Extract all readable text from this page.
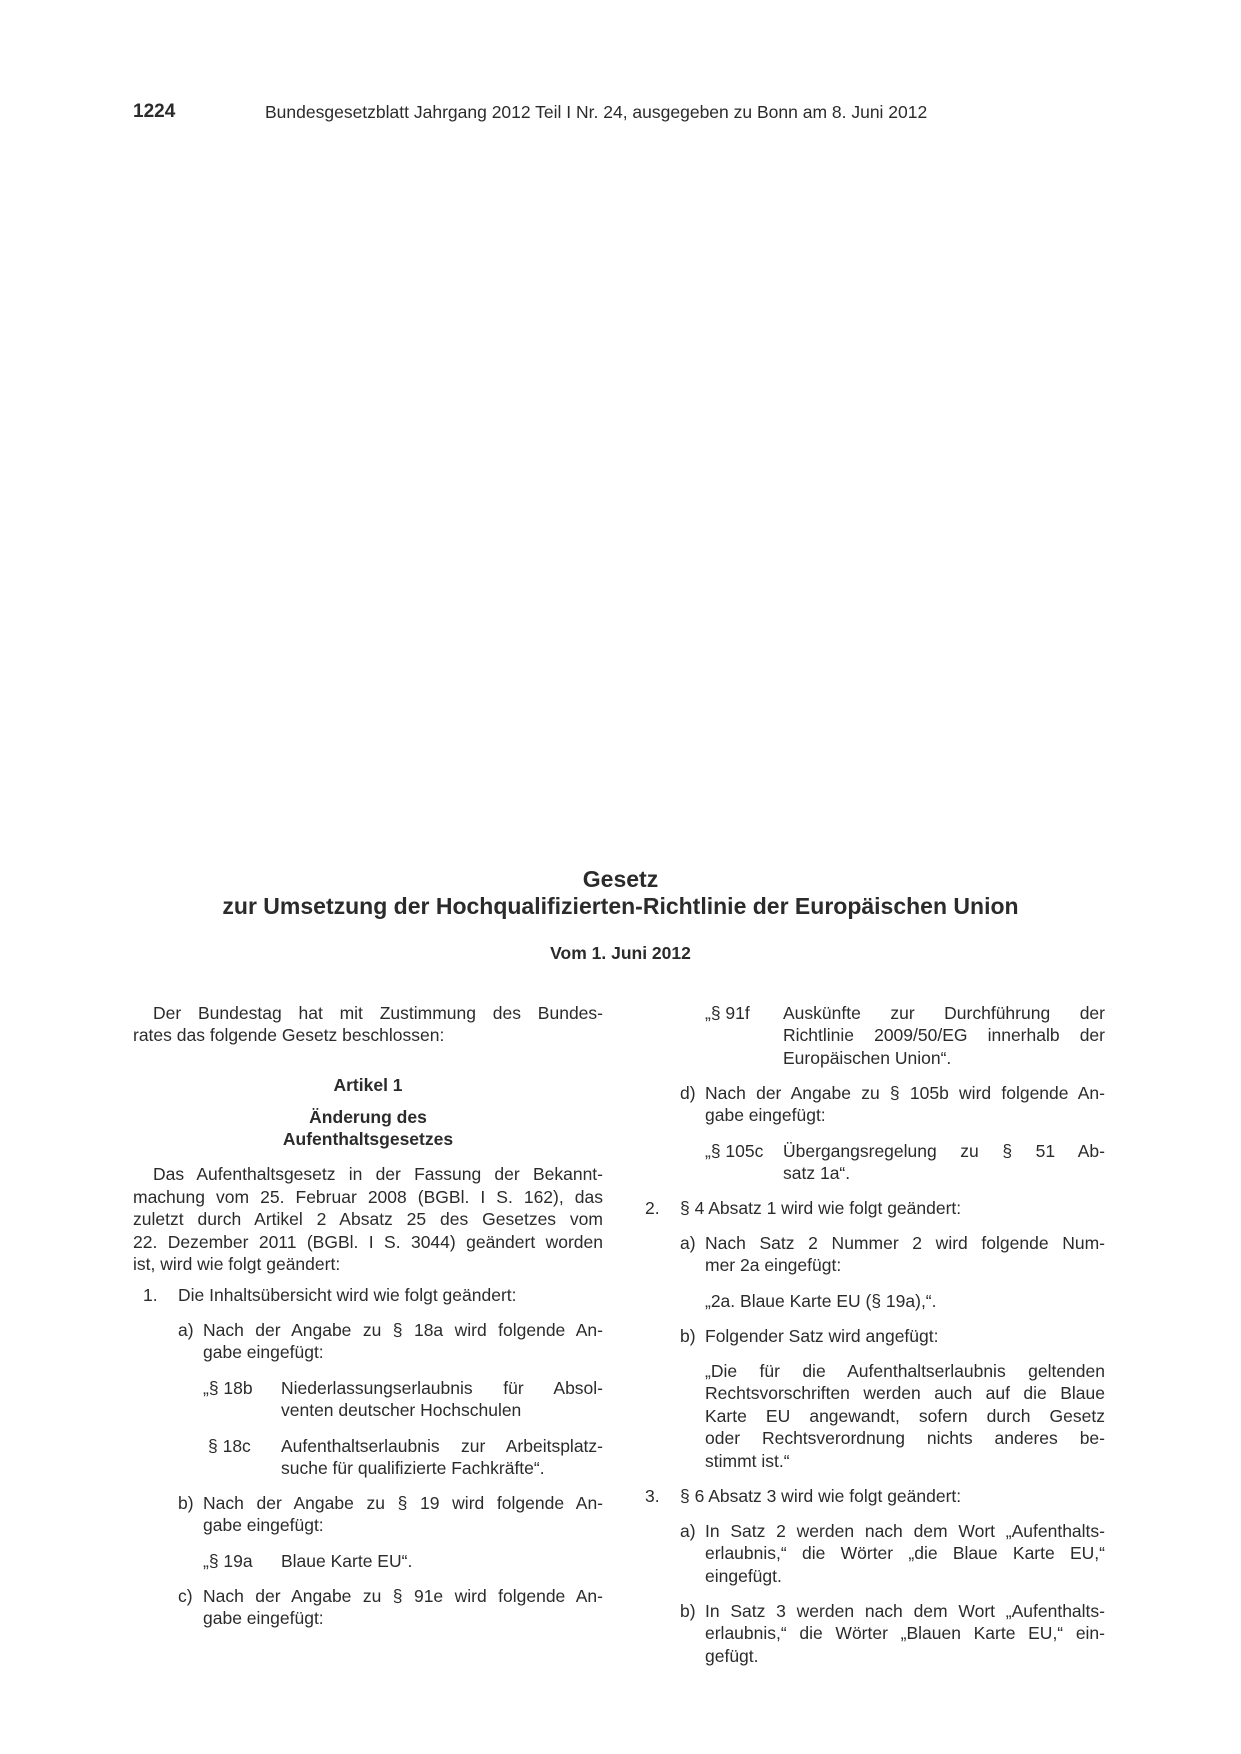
1224	Bundesgesetzblatt Jahrgang 2012 Teil I Nr. 24, ausgegeben zu Bonn am 8. Juni 2012
Gesetz
zur Umsetzung der Hochqualifizierten-Richtlinie der Europäischen Union
Vom 1. Juni 2012
Der Bundestag hat mit Zustimmung des Bundes-
rates das folgende Gesetz beschlossen:
Artikel 1
Änderung des
Aufenthaltsgesetzes
Das Aufenthaltsgesetz in der Fassung der Bekannt-
machung vom 25. Februar 2008 (BGBl. I S. 162), das
zuletzt durch Artikel 2 Absatz 25 des Gesetzes vom
22. Dezember 2011 (BGBl. I S. 3044) geändert worden
ist, wird wie folgt geändert:
1. Die Inhaltsübersicht wird wie folgt geändert:
a) Nach der Angabe zu § 18a wird folgende An-
gabe eingefügt:
„§ 18b Niederlassungserlaubnis für Absol-
venten deutscher Hochschulen
§ 18c Aufenthaltserlaubnis zur Arbeitsplatz-
suche für qualifizierte Fachkräfte“.
b) Nach der Angabe zu § 19 wird folgende An-
gabe eingefügt:
„§ 19a Blaue Karte EU“.
c) Nach der Angabe zu § 91e wird folgende An-
gabe eingefügt:
„§ 91f Auskünfte zur Durchführung der
Richtlinie 2009/50/EG innerhalb der
Europäischen Union“.
d) Nach der Angabe zu § 105b wird folgende An-
gabe eingefügt:
„§ 105c Übergangsregelung zu § 51 Ab-
satz 1a“.
2. § 4 Absatz 1 wird wie folgt geändert:
a) Nach Satz 2 Nummer 2 wird folgende Num-
mer 2a eingefügt:
„2a. Blaue Karte EU (§ 19a),“.
b) Folgender Satz wird angefügt:
„Die für die Aufenthaltserlaubnis geltenden
Rechtsvorschriften werden auch auf die Blaue
Karte EU angewandt, sofern durch Gesetz
oder Rechtsverordnung nichts anderes be-
stimmt ist.“
3. § 6 Absatz 3 wird wie folgt geändert:
a) In Satz 2 werden nach dem Wort „Aufenthalts-
erlaubnis,“ die Wörter „die Blaue Karte EU,“
eingefügt.
b) In Satz 3 werden nach dem Wort „Aufenthalts-
erlaubnis,“ die Wörter „Blauen Karte EU,“ ein-
gefügt.
